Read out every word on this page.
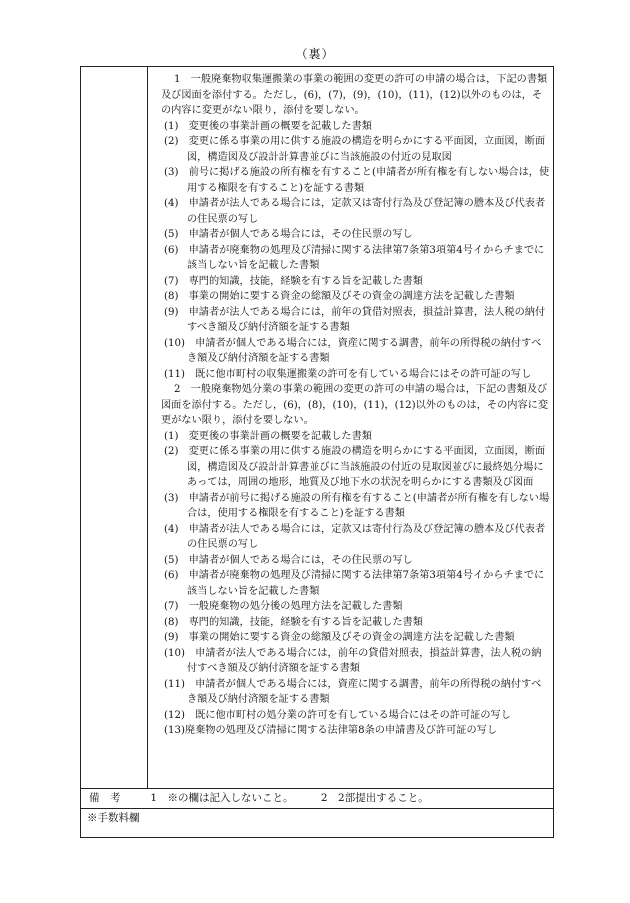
（裏）

1　一般廃棄物収集運搬業の事業の範囲の変更の許可の申請の場合は，下記の書類及び図面を添付する。ただし，(6)，(7)，(9)，(10)，(11)，(12)以外のものは，その内容に変更がない限り，添付を要しない。

(1)　変更後の事業計画の概要を記載した書類

(2)　変更に係る事業の用に供する施設の構造を明らかにする平面図，立面図，断面図，構造図及び設計計算書並びに当該施設の付近の見取図

(3)　前号に掲げる施設の所有権を有すること(申請者が所有権を有しない場合は，使用する権限を有すること)を証する書類

(4)　申請者が法人である場合には，定款又は寄付行為及び登記簿の謄本及び代表者の住民票の写し

(5)　申請者が個人である場合には，その住民票の写し

(6)　申請者が廃棄物の処理及び清掃に関する法律第7条第3項第4号イからチまでに該当しない旨を記載した書類

(7)　専門的知識，技能，経験を有する旨を記載した書類

(8)　事業の開始に要する資金の総額及びその資金の調達方法を記載した書類

(9)　申請者が法人である場合には，前年の貸借対照表，損益計算書，法人税の納付すべき額及び納付済額を証する書類

(10)　申請者が個人である場合には，資産に関する調書，前年の所得税の納付すべき額及び納付済額を証する書類

(11)　既に他市町村の収集運搬業の許可を有している場合にはその許可証の写し

2　一般廃棄物処分業の事業の範囲の変更の許可の申請の場合は，下記の書類及び図面を添付する。ただし，(6)，(8)，(10)，(11)，(12)以外のものは，その内容に変更がない限り，添付を要しない。

(1)　変更後の事業計画の概要を記載した書類

(2)　変更に係る事業の用に供する施設の構造を明らかにする平面図，立面図，断面図，構造図及び設計計算書並びに当該施設の付近の見取図並びに最終処分場にあっては，周囲の地形，地質及び地下水の状況を明らかにする書類及び図面

(3)　申請者が前号に掲げる施設の所有権を有すること(申請者が所有権を有しない場合は，使用する権限を有すること)を証する書類

(4)　申請者が法人である場合には，定款又は寄付行為及び登記簿の謄本及び代表者の住民票の写し

(5)　申請者が個人である場合には，その住民票の写し

(6)　申請者が廃棄物の処理及び清掃に関する法律第7条第3項第4号イからチまでに該当しない旨を記載した書類

(7)　一般廃棄物の処分後の処理方法を記載した書類

(8)　専門的知識，技能，経験を有する旨を記載した書類

(9)　事業の開始に要する資金の総額及びその資金の調達方法を記載した書類

(10)　申請者が法人である場合には，前年の貸借対照表，損益計算書，法人税の納付すべき額及び納付済額を証する書類

(11)　申請者が個人である場合には，資産に関する調書，前年の所得税の納付すべき額及び納付済額を証する書類

(12)　既に他市町村の処分業の許可を有している場合にはその許可証の写し

(13)廃棄物の処理及び清掃に関する法律第8条の申請書及び許可証の写し

備　考	1　※の欄は記入しないこと。	2　2部提出すること。
※手数料欄
